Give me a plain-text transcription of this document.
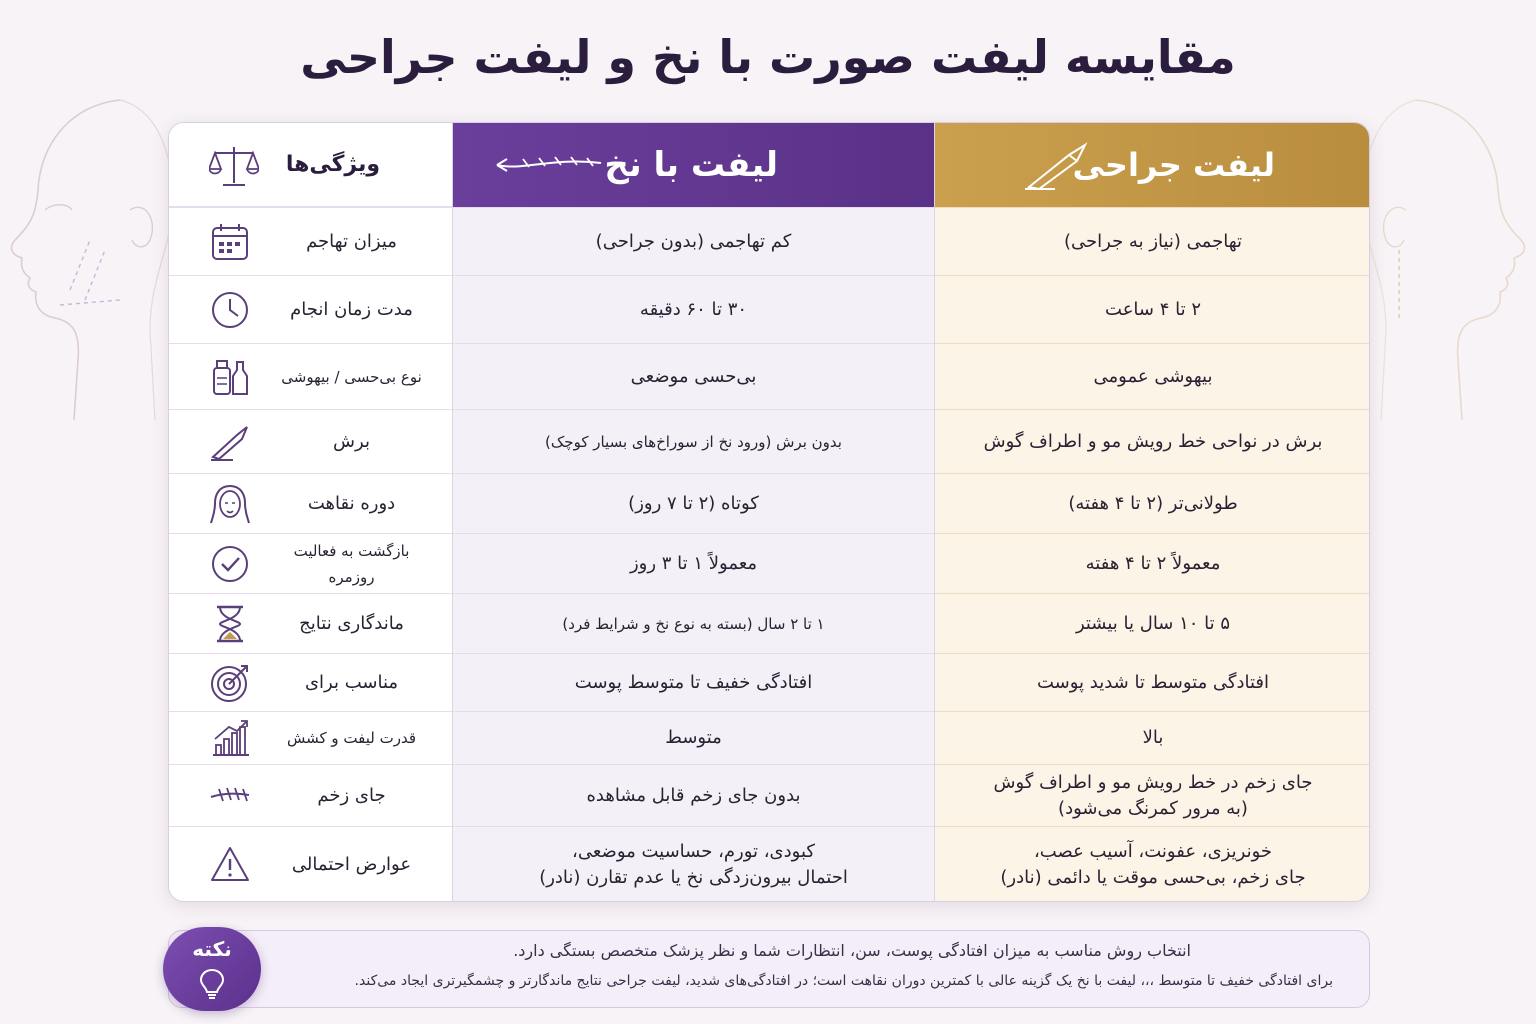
مقایسه لیفت صورت با نخ و لیفت جراحی
لیفت جراحی
تهاجمی (نیاز به جراحی)
۲ تا ۴ ساعت
بیهوشی عمومی
برش در نواحی خط رویش مو و اطراف گوش
طولانی‌تر (۲ تا ۴ هفته)
معمولاً ۲ تا ۴ هفته
۵ تا ۱۰ سال یا بیشتر
افتادگی متوسط تا شدید پوست
بالا
جای زخم در خط رویش مو و اطراف گوش
(به مرور کمرنگ می‌شود)
خونریزی، عفونت، آسیب عصب،
جای زخم، بی‌حسی موقت یا دائمی (نادر)
لیفت با نخ
کم تهاجمی (بدون جراحی)
۳۰ تا ۶۰ دقیقه
بی‌حسی موضعی
بدون برش (ورود نخ از سوراخ‌های بسیار کوچک)
کوتاه (۲ تا ۷ روز)
معمولاً ۱ تا ۳ روز
۱ تا ۲ سال (بسته به نوع نخ و شرایط فرد)
افتادگی خفیف تا متوسط پوست
متوسط
بدون جای زخم قابل مشاهده
کبودی، تورم، حساسیت موضعی،
احتمال بیرون‌زدگی نخ یا عدم تقارن (نادر)
ویژگی‌ها
میزان تهاجم
مدت زمان انجام
نوع بی‌حسی / بیهوشی
برش
دوره نقاهت
بازگشت به فعالیت روزمره
ماندگاری نتایج
مناسب برای
قدرت لیفت و کشش
جای زخم
عوارض احتمالی
انتخاب روش مناسب به میزان افتادگی پوست، سن، انتظارات شما و نظر پزشک متخصص بستگی دارد.
برای افتادگی خفیف تا متوسط ،،، لیفت با نخ یک گزینه عالی با کمترین دوران نقاهت است؛ در افتادگی‌های شدید، لیفت جراحی نتایج ماندگارتر و چشمگیرتری ایجاد می‌کند.
نکته
